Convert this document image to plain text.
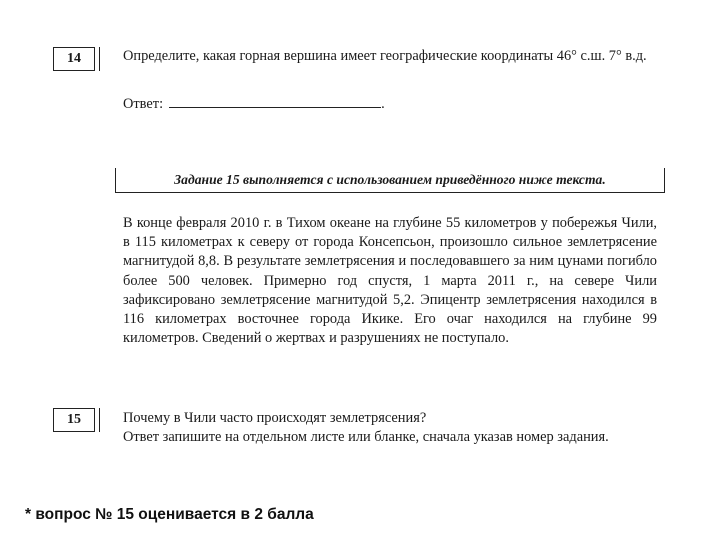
14	Определите, какая горная вершина имеет географические координаты 46° с.ш. 7° в.д.
Ответ:	.
Задание 15 выполняется с использованием приведённого ниже текста.
В конце февраля 2010 г. в Тихом океане на глубине 55 километров у побережья Чили, в 115 километрах к северу от города Консепсьон, произошло сильное землетрясение магнитудой 8,8. В результате землетрясения и последовавшего за ним цунами погибло более 500 человек. Примерно год спустя, 1 марта 2011 г., на севере Чили зафиксировано землетрясение магнитудой 5,2. Эпицентр землетрясения находился в 116 километрах восточнее города Икике. Его очаг находился на глубине 99 километров. Сведений о жертвах и разрушениях не поступало.
15	Почему в Чили часто происходят землетрясения?
Ответ запишите на отдельном листе или бланке, сначала указав номер задания.
* вопрос № 15 оценивается в 2 балла
